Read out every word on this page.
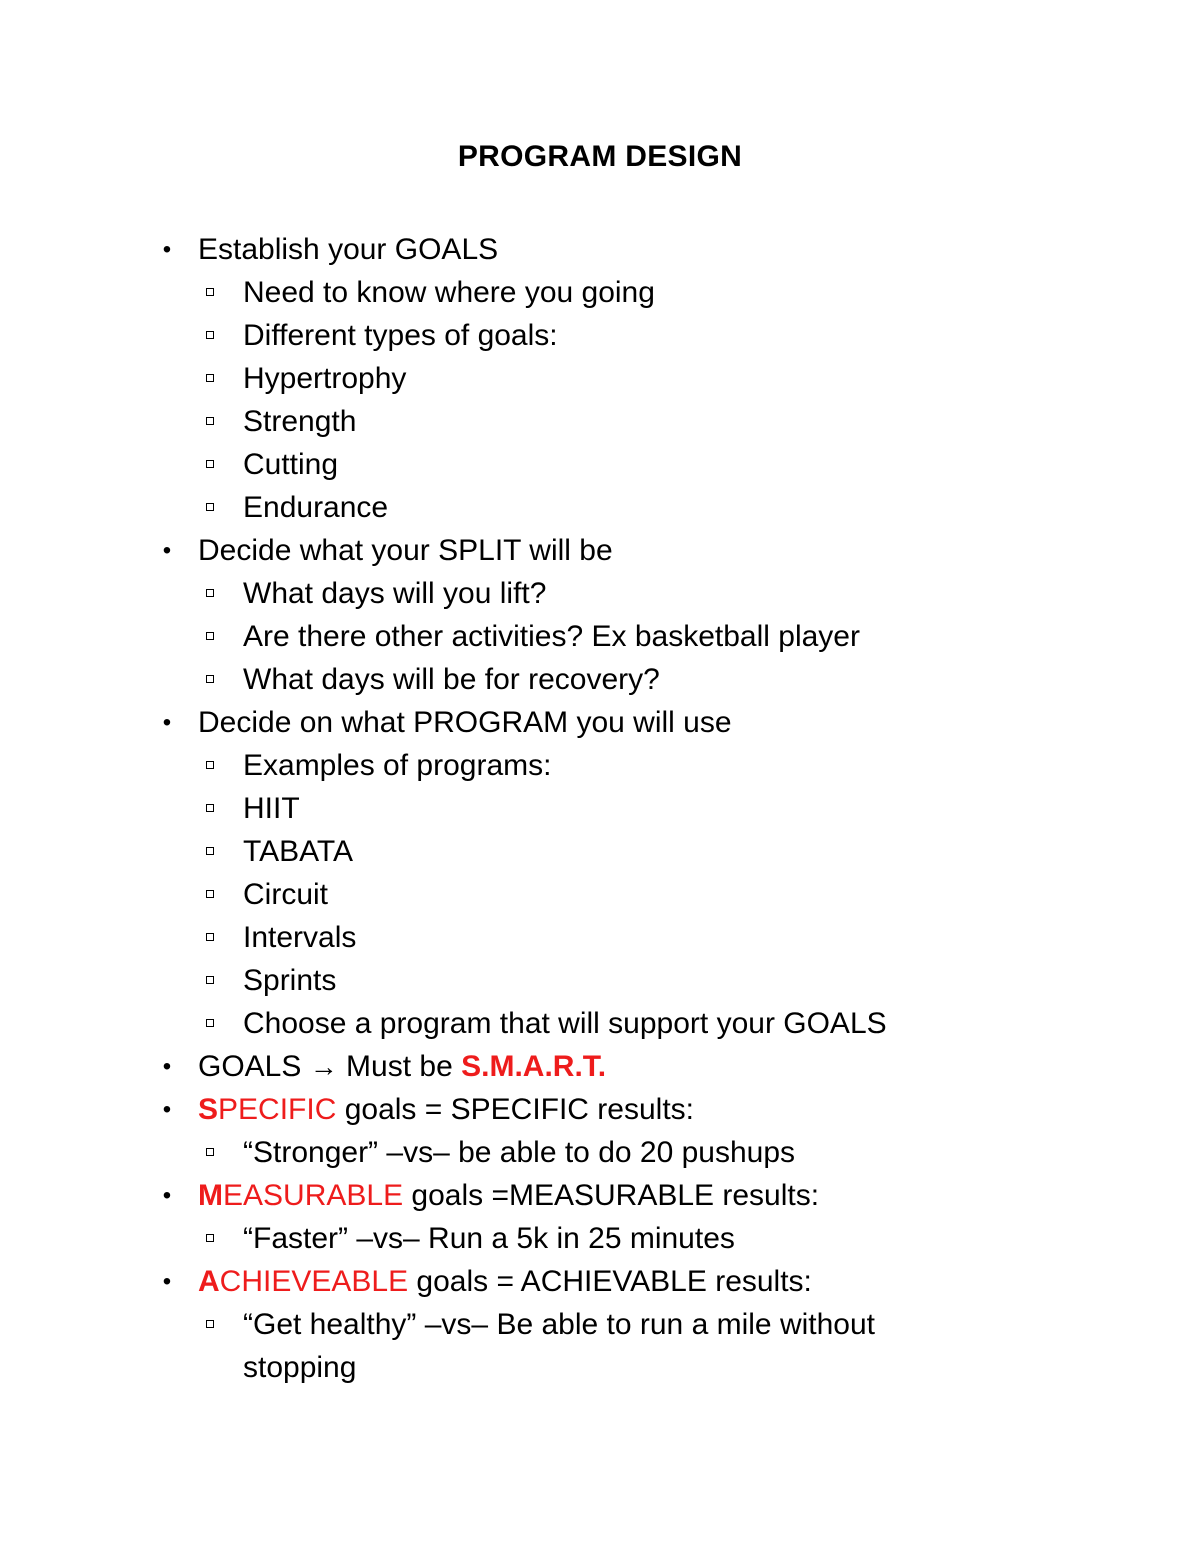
PROGRAM DESIGN
• Establish your GOALS
Need to know where you going
Different types of goals:
Hypertrophy
Strength
Cutting
Endurance
• Decide what your SPLIT will be
What days will you lift?
Are there other activities? Ex basketball player
What days will be for recovery?
• Decide on what PROGRAM you will use
Examples of programs:
HIIT
TABATA
Circuit
Intervals
Sprints
Choose a program that will support your GOALS
• GOALS → Must be S.M.A.R.T.
• SPECIFIC goals = SPECIFIC results:
“Stronger” –vs– be able to do 20 pushups
• MEASURABLE goals =MEASURABLE results:
“Faster” –vs– Run a 5k in 25 minutes
• ACHIEVEABLE goals = ACHIEVABLE results:
“Get healthy” –vs– Be able to run a mile without
stopping
